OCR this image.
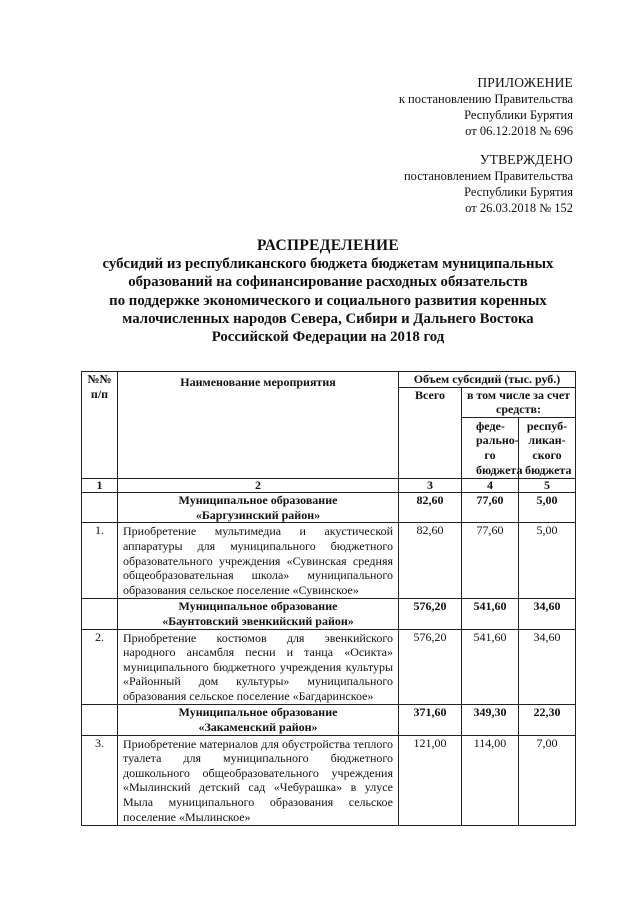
ПРИЛОЖЕНИЕ
к постановлению Правительства
Республики Бурятия
от 06.12.2018 № 696
УТВЕРЖДЕНО
постановлением Правительства
Республики Бурятия
от 26.03.2018 № 152
РАСПРЕДЕЛЕНИЕ
субсидий из республиканского бюджета бюджетам муниципальных
образований на софинансирование расходных обязательств
по поддержке экономического и социального развития коренных
малочисленных народов Севера, Сибири и Дальнего Востока
Российской Федерации на 2018 год
№№ п/п	Наименование мероприятия	Объем субсидий (тыс. руб.)		
		Всего	в том числе за счет средств:	
			феде-рально-го бюджета	респуб-ликан-ского бюджета
1	2	3	4	5
	Муниципальное образование «Баргузинский район»	82,60	77,60	5,00
1.	Приобретение мультимедиа и акустической аппаратуры для муниципального бюджетного образовательного учреждения «Сувинская средняя общеобразовательная школа» муниципального образования сельское поселение «Сувинское»	82,60	77,60	5,00
	Муниципальное образование «Баунтовский эвенкийский район»	576,20	541,60	34,60
2.	Приобретение костюмов для эвенкийского народного ансамбля песни и танца «Осикта» муниципального бюджетного учреждения культуры «Районный дом культуры» муниципального образования сельское поселение «Багдаринское»	576,20	541,60	34,60
	Муниципальное образование «Закаменский район»	371,60	349,30	22,30
3.	Приобретение материалов для обустройства теплого туалета для муниципального бюджетного дошкольного общеобразовательного учреждения «Мылинский детский сад «Чебурашка» в улусе Мыла муниципального образования сельское поселение «Мылинское»	121,00	114,00	7,00
